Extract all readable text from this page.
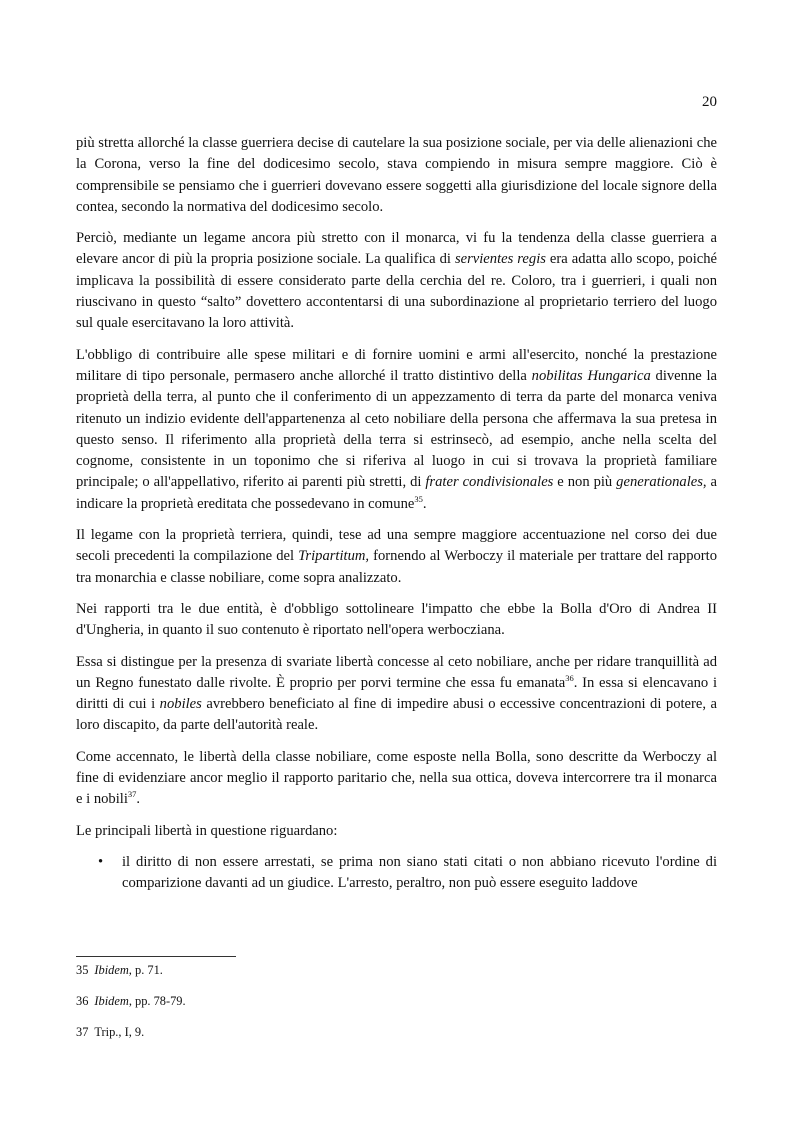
20

più stretta allorché la classe guerriera decise di cautelare la sua posizione sociale, per via delle alienazioni che la Corona, verso la fine del dodicesimo secolo, stava compiendo in misura sempre maggiore. Ciò è comprensibile se pensiamo che i guerrieri dovevano essere soggetti alla giurisdizione del locale signore della contea, secondo la normativa del dodicesimo secolo.

Perciò, mediante un legame ancora più stretto con il monarca, vi fu la tendenza della classe guerriera a elevare ancor di più la propria posizione sociale. La qualifica di servientes regis era adatta allo scopo, poiché implicava la possibilità di essere considerato parte della cerchia del re. Coloro, tra i guerrieri, i quali non riuscivano in questo “salto” dovettero accontentarsi di una subordinazione al proprietario terriero del luogo sul quale esercitavano la loro attività.

L'obbligo di contribuire alle spese militari e di fornire uomini e armi all'esercito, nonché la prestazione militare di tipo personale, permasero anche allorché il tratto distintivo della nobilitas Hungarica divenne la proprietà della terra, al punto che il conferimento di un appezzamento di terra da parte del monarca veniva ritenuto un indizio evidente dell'appartenenza al ceto nobiliare della persona che affermava la sua pretesa in questo senso. Il riferimento alla proprietà della terra si estrinsecò, ad esempio, anche nella scelta del cognome, consistente in un toponimo che si riferiva al luogo in cui si trovava la proprietà familiare principale; o all'appellativo, riferito ai parenti più stretti, di frater condivisionales e non più generationales, a indicare la proprietà ereditata che possedevano in comune$^{35}$.

Il legame con la proprietà terriera, quindi, tese ad una sempre maggiore accentuazione nel corso dei due secoli precedenti la compilazione del Tripartitum, fornendo al Werboczy il materiale per trattare del rapporto tra monarchia e classe nobiliare, come sopra analizzato.

Nei rapporti tra le due entità, è d'obbligo sottolineare l'impatto che ebbe la Bolla d'Oro di Andrea II d'Ungheria, in quanto il suo contenuto è riportato nell'opera werbocziana.

Essa si distingue per la presenza di svariate libertà concesse al ceto nobiliare, anche per ridare tranquillità ad un Regno funestato dalle rivolte. È proprio per porvi termine che essa fu emanata$^{36}$. In essa si elencavano i diritti di cui i nobiles avrebbero beneficiato al fine di impedire abusi o eccessive concentrazioni di potere, a loro discapito, da parte dell'autorità reale.

Come accennato, le libertà della classe nobiliare, come esposte nella Bolla, sono descritte da Werboczy al fine di evidenziare ancor meglio il rapporto paritario che, nella sua ottica, doveva intercorrere tra il monarca e i nobili$^{37}$.

Le principali libertà in questione riguardano:

• il diritto di non essere arrestati, se prima non siano stati citati o non abbiano ricevuto l'ordine di comparizione davanti ad un giudice. L'arresto, peraltro, non può essere eseguito laddove
35 Ibidem, p. 71.
36 Ibidem, pp. 78-79.
37 Trip., I, 9.
